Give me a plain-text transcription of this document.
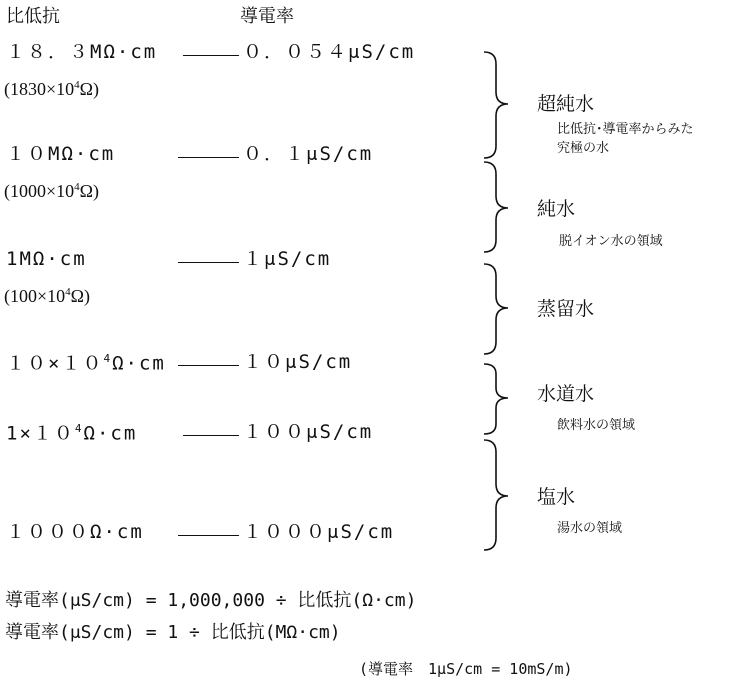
比低抗	導電率
１８．３MΩ·cm	０．０５４μS/cm
$(1830\times 10^4\Omega)$
１０MΩ·cm	０．１μS/cm
$(1000\times 10^4\Omega)$
1MΩ·cm	１μS/cm
$(100\times 10^4\Omega)$
$10\times 10^4\Omega\cdot cm$	１０μS/cm
$1\times 10^4\Omega\cdot cm$	１００μS/cm
１０００Ω·cm	１０００μS/cm
超純水
比低抗･導電率からみた
究極の水
純水
脱イオン水の領域
蒸留水
水道水
飲料水の領域
塩水
湯水の領域
導電率(μS/cm) = 1,000,000 ÷ 比低抗(Ω·cm)
導電率(μS/cm) = 1 ÷ 比低抗(MΩ·cm)
(導電率　1μS/cm = 10mS/m)
